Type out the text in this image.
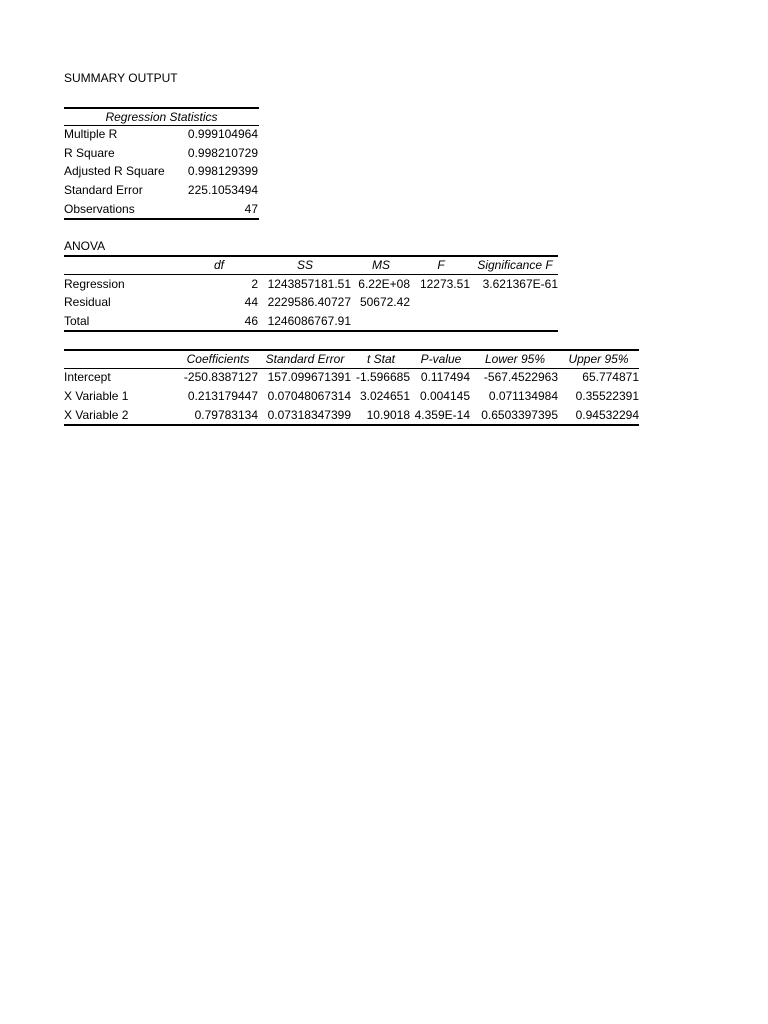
SUMMARY OUTPUT
Regression Statistics
Multiple R	0.999104964
R Square	0.998210729
Adjusted R Square	0.998129399
Standard Error	225.1053494
Observations	47
ANOVA
df	SS	MS	F	Significance F
Regression	2 1243857181.51 6.22E+08 12273.51	3.621367E-61
Residual	44 2229586.40727 50672.42
Total	46 1246086767.91
Coefficients	Standard Error	t Stat	P-value	Lower 95%	Upper 95%
Intercept	-250.8387127 157.099671391 -1.596685 0.117494	-567.4522963	65.774871
X Variable 1	0.213179447 0.07048067314 3.024651 0.004145	0.071134984	0.35522391
X Variable 2	0.79783134 0.07318347399	10.9018 4.359E-14 0.6503397395	0.94532294
